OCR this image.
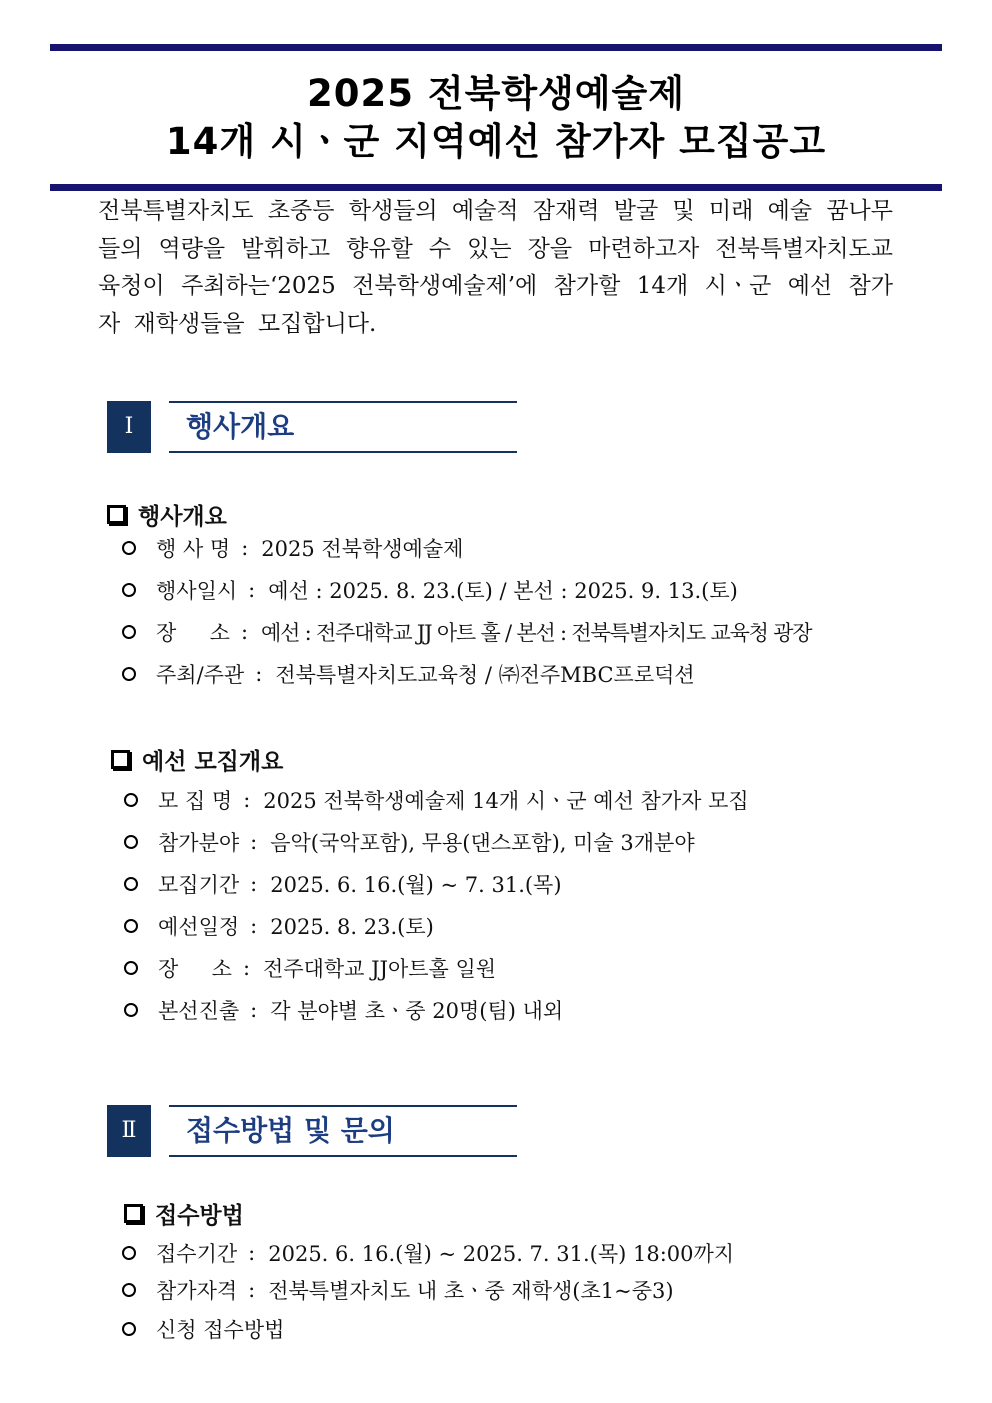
2025 전북학생예술제
14개 시ㆍ군 지역예선 참가자 모집공고
전북특별자치도 초중등 학생들의 예술적 잠재력 발굴 및 미래 예술 꿈나무들의 역량을 발휘하고 향유할 수 있는 장을 마련하고자 전북특별자치도교육청이 주최하는‘2025 전북학생예술제’에 참가할 14개 시ㆍ군 예선 참가자 재학생들을 모집합니다.
Ⅰ	행사개요
행사개요
행 사 명 : 2025 전북학생예술제
행사일시 : 예선 : 2025. 8. 23.(토) / 본선 : 2025. 9. 13.(토)
장     소 : 예선 : 전주대학교 JJ 아트 홀 / 본선 : 전북특별자치도 교육청 광장
주최/주관 : 전북특별자치도교육청 / ㈜전주MBC프로덕션
예선 모집개요
모 집 명 : 2025 전북학생예술제 14개 시ㆍ군 예선 참가자 모집
참가분야 : 음악(국악포함), 무용(댄스포함), 미술 3개분야
모집기간 : 2025. 6. 16.(월) ~ 7. 31.(목)
예선일정 : 2025. 8. 23.(토)
장     소 : 전주대학교 JJ아트홀 일원
본선진출 : 각 분야별 초ㆍ중 20명(팀) 내외
Ⅱ	접수방법 및 문의
접수방법
접수기간 : 2025. 6. 16.(월) ~ 2025. 7. 31.(목) 18:00까지
참가자격 : 전북특별자치도 내 초ㆍ중 재학생(초1~중3)
신청 접수방법
